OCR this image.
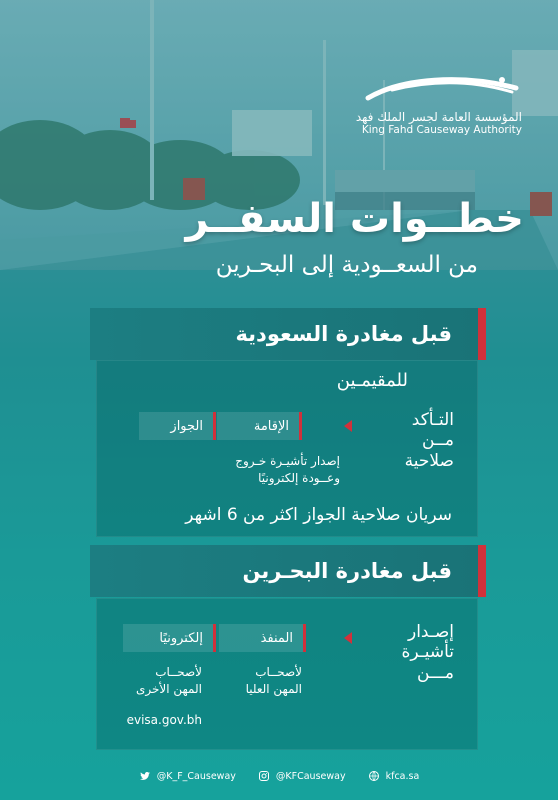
المؤسسة العامة لجسر الملك فهد
King Fahd Causeway Authority
خطــوات السفــر
من السعــودية إلى البحـرين
قبل مغادرة السعودية
للمقيمـين
التـأكد
مــن
صلاحية
الإقامة
الجواز
إصدار تأشيـرة خـروج
وعــودة إلكترونيًا
سريان صلاحية الجواز اكثر من 6 اشهر
قبل مغادرة البحـرين
إصـدار
تأشيـرة
مـــن
المنفذ
إلكترونيًا
لأصحــاب
المهن العليا
لأصحــاب
المهن الأخرى
evisa.gov.bh
@K_F_Causeway	@KFCauseway	kfca.sa
